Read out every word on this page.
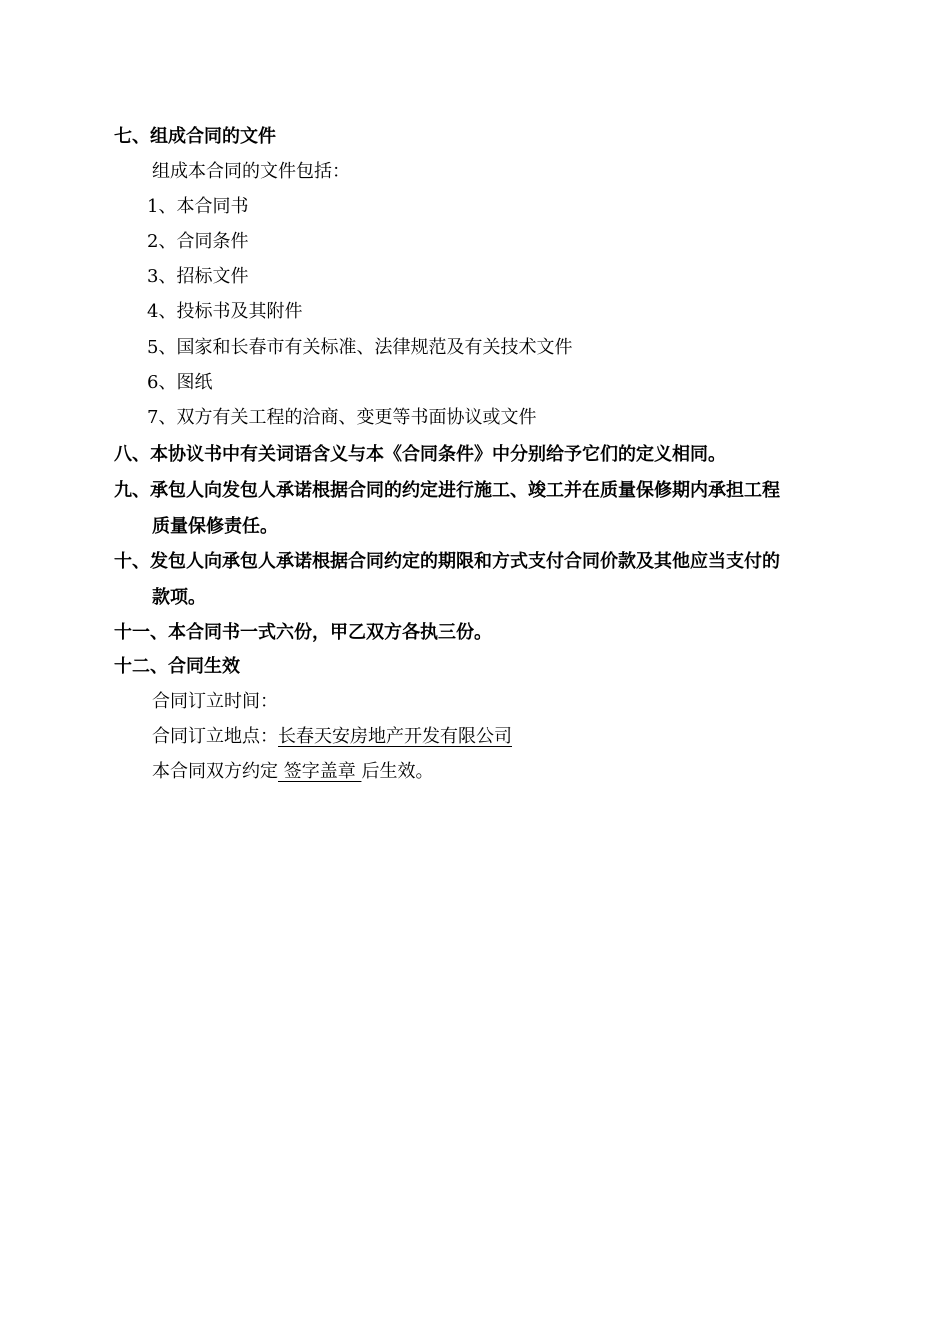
七、组成合同的文件
组成本合同的文件包括：
1、本合同书
2、合同条件
3、招标文件
4、投标书及其附件
5、国家和长春市有关标准、法律规范及有关技术文件
6、图纸
7、双方有关工程的洽商、变更等书面协议或文件
八、本协议书中有关词语含义与本《合同条件》中分别给予它们的定义相同。
九、承包人向发包人承诺根据合同的约定进行施工、竣工并在质量保修期内承担工程
质量保修责任。
十、发包人向承包人承诺根据合同约定的期限和方式支付合同价款及其他应当支付的
款项。
十一、本合同书一式六份，甲乙双方各执三份。
十二、合同生效
合同订立时间：
合同订立地点：长春天安房地产开发有限公司
本合同双方约定 签字盖章 后生效。
